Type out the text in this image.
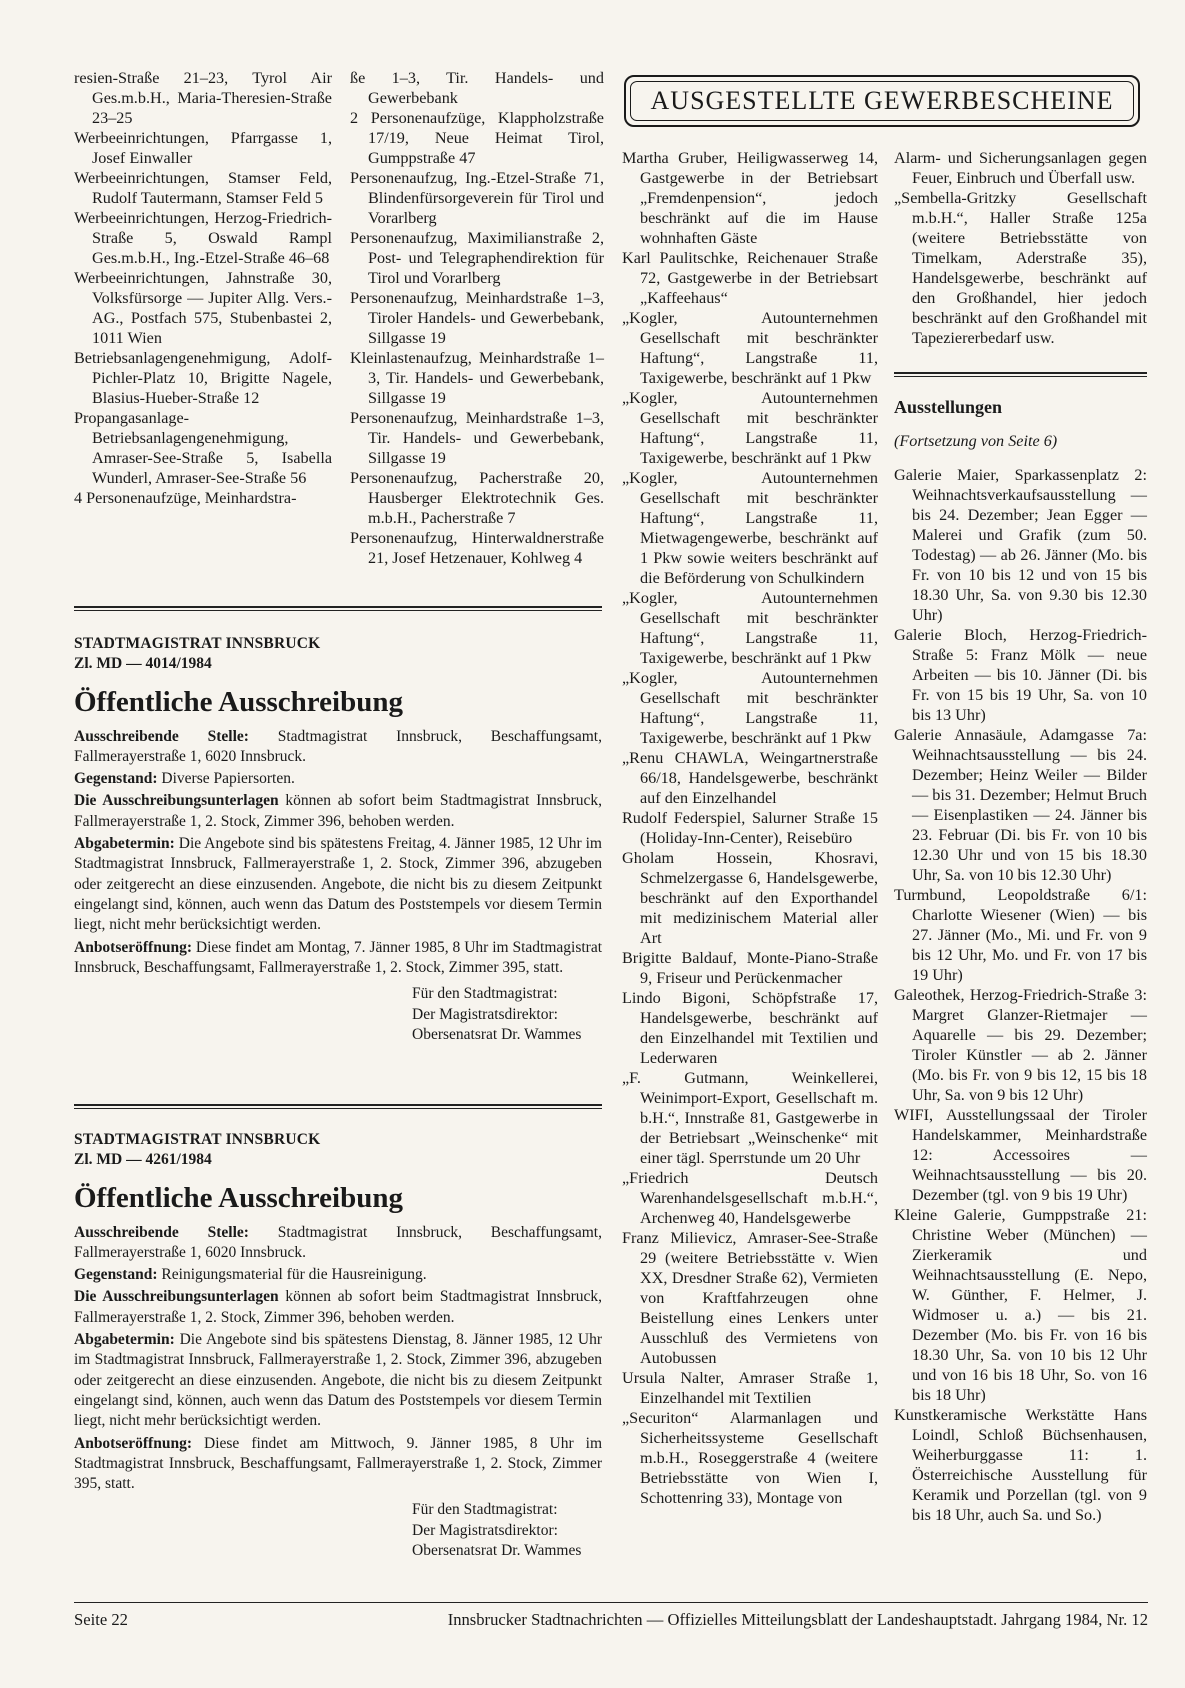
resien-Straße 21–23, Tyrol Air Ges.m.b.H., Maria-Theresien-Straße 23–25

Werbeeinrichtungen, Pfarrgasse 1, Josef Einwaller

Werbeeinrichtungen, Stamser Feld, Rudolf Tautermann, Stamser Feld 5

Werbeeinrichtungen, Herzog-Friedrich-Straße 5, Oswald Rampl Ges.m.b.H., Ing.-Etzel-Straße 46–68

Werbeeinrichtungen, Jahnstraße 30, Volksfürsorge — Jupiter Allg. Vers.-AG., Postfach 575, Stubenbastei 2, 1011 Wien

Betriebsanlagengenehmigung, Adolf-Pichler-Platz 10, Brigitte Nagele, Blasius-Hueber-Straße 12

Propangasanlage-Betriebsanlagengenehmigung, Amraser-See-Straße 5, Isabella Wunderl, Amraser-See-Straße 56

4 Personenaufzüge, Meinhardstra-

ße 1–3, Tir. Handels- und Gewerbebank

2 Personenaufzüge, Klappholzstraße 17/19, Neue Heimat Tirol, Gumppstraße 47

Personenaufzug, Ing.-Etzel-Straße 71, Blindenfürsorgeverein für Tirol und Vorarlberg

Personenaufzug, Maximilianstraße 2, Post- und Telegraphendirektion für Tirol und Vorarlberg

Personenaufzug, Meinhardstraße 1–3, Tiroler Handels- und Gewerbebank, Sillgasse 19

Kleinlastenaufzug, Meinhardstraße 1–3, Tir. Handels- und Gewerbebank, Sillgasse 19

Personenaufzug, Meinhardstraße 1–3, Tir. Handels- und Gewerbebank, Sillgasse 19

Personenaufzug, Pacherstraße 20, Hausberger Elektrotechnik Ges. m.b.H., Pacherstraße 7

Personenaufzug, Hinterwaldnerstraße 21, Josef Hetzenauer, Kohlweg 4

AUSGESTELLTE GEWERBESCHEINE

Martha Gruber, Heiligwasserweg 14, Gastgewerbe in der Betriebsart „Fremdenpension“, jedoch beschränkt auf die im Hause wohnhaften Gäste

Karl Paulitschke, Reichenauer Straße 72, Gastgewerbe in der Betriebsart „Kaffeehaus“

„Kogler, Autounternehmen Gesellschaft mit beschränkter Haftung“, Langstraße 11, Taxigewerbe, beschränkt auf 1 Pkw

„Kogler, Autounternehmen Gesellschaft mit beschränkter Haftung“, Langstraße 11, Taxigewerbe, beschränkt auf 1 Pkw

„Kogler, Autounternehmen Gesellschaft mit beschränkter Haftung“, Langstraße 11, Mietwagengewerbe, beschränkt auf 1 Pkw sowie weiters beschränkt auf die Beförderung von Schulkindern

„Kogler, Autounternehmen Gesellschaft mit beschränkter Haftung“, Langstraße 11, Taxigewerbe, beschränkt auf 1 Pkw

„Kogler, Autounternehmen Gesellschaft mit beschränkter Haftung“, Langstraße 11, Taxigewerbe, beschränkt auf 1 Pkw

„Renu CHAWLA, Weingartnerstraße 66/18, Handelsgewerbe, beschränkt auf den Einzelhandel

Rudolf Federspiel, Salurner Straße 15 (Holiday-Inn-Center), Reisebüro

Gholam Hossein, Khosravi, Schmelzergasse 6, Handelsgewerbe, beschränkt auf den Exporthandel mit medizinischem Material aller Art

Brigitte Baldauf, Monte-Piano-Straße 9, Friseur und Perückenmacher

Lindo Bigoni, Schöpfstraße 17, Handelsgewerbe, beschränkt auf den Einzelhandel mit Textilien und Lederwaren

„F. Gutmann, Weinkellerei, Weinimport-Export, Gesellschaft m. b.H.“, Innstraße 81, Gastgewerbe in der Betriebsart „Weinschenke“ mit einer tägl. Sperrstunde um 20 Uhr

„Friedrich Deutsch Warenhandelsgesellschaft m.b.H.“, Archenweg 40, Handelsgewerbe

Franz Milievicz, Amraser-See-Straße 29 (weitere Betriebsstätte v. Wien XX, Dresdner Straße 62), Vermieten von Kraftfahrzeugen ohne Beistellung eines Lenkers unter Ausschluß des Vermietens von Autobussen

Ursula Nalter, Amraser Straße 1, Einzelhandel mit Textilien

„Securiton“ Alarmanlagen und Sicherheitssysteme Gesellschaft m.b.H., Roseggerstraße 4 (weitere Betriebsstätte von Wien I, Schottenring 33), Montage von

Alarm- und Sicherungsanlagen gegen Feuer, Einbruch und Überfall usw.

„Sembella-Gritzky Gesellschaft m.b.H.“, Haller Straße 125a (weitere Betriebsstätte von Timelkam, Aderstraße 35), Handelsgewerbe, beschränkt auf den Großhandel, hier jedoch beschränkt auf den Großhandel mit Tapeziererbedarf usw.

Ausstellungen

(Fortsetzung von Seite 6)

Galerie Maier, Sparkassenplatz 2: Weihnachtsverkaufsausstellung — bis 24. Dezember; Jean Egger — Malerei und Grafik (zum 50. Todestag) — ab 26. Jänner (Mo. bis Fr. von 10 bis 12 und von 15 bis 18.30 Uhr, Sa. von 9.30 bis 12.30 Uhr)

Galerie Bloch, Herzog-Friedrich-Straße 5: Franz Mölk — neue Arbeiten — bis 10. Jänner (Di. bis Fr. von 15 bis 19 Uhr, Sa. von 10 bis 13 Uhr)

Galerie Annasäule, Adamgasse 7a: Weihnachtsausstellung — bis 24. Dezember; Heinz Weiler — Bilder — bis 31. Dezember; Helmut Bruch — Eisenplastiken — 24. Jänner bis 23. Februar (Di. bis Fr. von 10 bis 12.30 Uhr und von 15 bis 18.30 Uhr, Sa. von 10 bis 12.30 Uhr)

Turmbund, Leopoldstraße 6/1: Charlotte Wiesener (Wien) — bis 27. Jänner (Mo., Mi. und Fr. von 9 bis 12 Uhr, Mo. und Fr. von 17 bis 19 Uhr)

Galeothek, Herzog-Friedrich-Straße 3: Margret Glanzer-Rietmajer — Aquarelle — bis 29. Dezember; Tiroler Künstler — ab 2. Jänner (Mo. bis Fr. von 9 bis 12, 15 bis 18 Uhr, Sa. von 9 bis 12 Uhr)

WIFI, Ausstellungssaal der Tiroler Handelskammer, Meinhardstraße 12: Accessoires — Weihnachtsausstellung — bis 20. Dezember (tgl. von 9 bis 19 Uhr)

Kleine Galerie, Gumppstraße 21: Christine Weber (München) — Zierkeramik und Weihnachtsausstellung (E. Nepo, W. Günther, F. Helmer, J. Widmoser u. a.) — bis 21. Dezember (Mo. bis Fr. von 16 bis 18.30 Uhr, Sa. von 10 bis 12 Uhr und von 16 bis 18 Uhr, So. von 16 bis 18 Uhr)

Kunstkeramische Werkstätte Hans Loindl, Schloß Büchsenhausen, Weiherburggasse 11: 1. Österreichische Ausstellung für Keramik und Porzellan (tgl. von 9 bis 18 Uhr, auch Sa. und So.)

STADTMAGISTRAT INNSBRUCK

Zl. MD — 4014/1984

Öffentliche Ausschreibung

Ausschreibende Stelle: Stadtmagistrat Innsbruck, Beschaffungsamt, Fallmerayerstraße 1, 6020 Innsbruck.

Gegenstand: Diverse Papiersorten.

Die Ausschreibungsunterlagen können ab sofort beim Stadtmagistrat Innsbruck, Fallmerayerstraße 1, 2. Stock, Zimmer 396, behoben werden.

Abgabetermin: Die Angebote sind bis spätestens Freitag, 4. Jänner 1985, 12 Uhr im Stadtmagistrat Innsbruck, Fallmerayerstraße 1, 2. Stock, Zimmer 396, abzugeben oder zeitgerecht an diese einzusenden. Angebote, die nicht bis zu diesem Zeitpunkt eingelangt sind, können, auch wenn das Datum des Poststempels vor diesem Termin liegt, nicht mehr berücksichtigt werden.

Anbotseröffnung: Diese findet am Montag, 7. Jänner 1985, 8 Uhr im Stadtmagistrat Innsbruck, Beschaffungsamt, Fallmerayerstraße 1, 2. Stock, Zimmer 395, statt.

Für den Stadtmagistrat:
Der Magistratsdirektor:
Obersenatsrat Dr. Wammes

STADTMAGISTRAT INNSBRUCK

Zl. MD — 4261/1984

Öffentliche Ausschreibung

Ausschreibende Stelle: Stadtmagistrat Innsbruck, Beschaffungsamt, Fallmerayerstraße 1, 6020 Innsbruck.

Gegenstand: Reinigungsmaterial für die Hausreinigung.

Die Ausschreibungsunterlagen können ab sofort beim Stadtmagistrat Innsbruck, Fallmerayerstraße 1, 2. Stock, Zimmer 396, behoben werden.

Abgabetermin: Die Angebote sind bis spätestens Dienstag, 8. Jänner 1985, 12 Uhr im Stadtmagistrat Innsbruck, Fallmerayerstraße 1, 2. Stock, Zimmer 396, abzugeben oder zeitgerecht an diese einzusenden. Angebote, die nicht bis zu diesem Zeitpunkt eingelangt sind, können, auch wenn das Datum des Poststempels vor diesem Termin liegt, nicht mehr berücksichtigt werden.

Anbotseröffnung: Diese findet am Mittwoch, 9. Jänner 1985, 8 Uhr im Stadtmagistrat Innsbruck, Beschaffungsamt, Fallmerayerstraße 1, 2. Stock, Zimmer 395, statt.

Für den Stadtmagistrat:
Der Magistratsdirektor:
Obersenatsrat Dr. Wammes
Seite 22	Innsbrucker Stadtnachrichten — Offizielles Mitteilungsblatt der Landeshauptstadt. Jahrgang 1984, Nr. 12
